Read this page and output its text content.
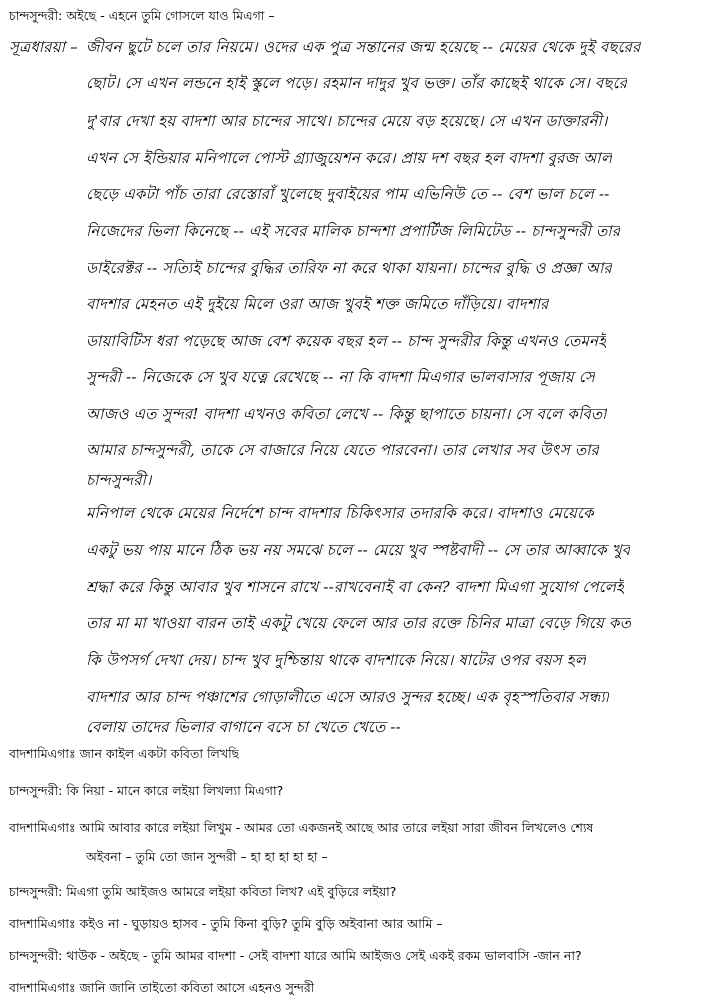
চান্দসুন্দরী: অইছে - এহনে তুমি গোসলে যাও মিএগা –
সূত্রধারয়া – জীবন ছুটে চলে তার নিয়মে। ওদের এক পুত্র সন্তানের জন্ম হয়েছে -- মেয়ের থেকে দুই বছরের
ছোট। সে এখন লন্ডনে হাই স্কুলে পড়ে। রহমান দাদুর খুব ভক্ত। তাঁর কাছেই থাকে সে। বছরে
দু'বার দেখা হয় বাদশা আর চান্দের সাথে। চান্দের মেয়ে বড় হয়েছে। সে এখন ডাক্তারনী।
এখন সে ইন্ডিয়ার মনিপালে পোস্ট গ্র্যাজুয়েশন করে। প্রায় দশ বছর হল বাদশা বুরজ আল
ছেড়ে একটা পাঁচ তারা রেস্তোরাঁ খুলেছে দুবাইয়ের পাম এভিনিউ তে -- বেশ ভাল চলে --
নিজেদের ভিলা কিনেছে -- এই সবের মালিক চান্দশা প্রপার্টিজ লিমিটেড -- চান্দসুন্দরী তার
ডাইরেক্টর -- সত্যিই চান্দের বুদ্ধির তারিফ না করে থাকা যায়না। চান্দের বুদ্ধি ও প্রজ্ঞা আর
বাদশার মেহনত এই দুইয়ে মিলে ওরা আজ খুবই শক্ত জমিতে দাঁড়িয়ে। বাদশার
ডায়াবিটিস ধরা পড়েছে আজ বেশ কয়েক বছর হল -- চান্দ সুন্দরীর কিন্তু এখনও তেমনই
সুন্দরী -- নিজেকে সে খুব যত্নে রেখেছে -- না কি বাদশা মিএগার ভালবাসার পূজায় সে
আজও এত সুন্দর! বাদশা এখনও কবিতা লেখে -- কিন্তু ছাপাতে চায়না। সে বলে কবিতা
আমার চান্দসুন্দরী, তাকে সে বাজারে নিয়ে যেতে পারবেনা। তার লেখার সব উৎস তার
চান্দসুন্দরী।
মনিপাল থেকে মেয়ের নির্দেশে চান্দ বাদশার চিকিৎসার তদারকি করে। বাদশাও মেয়েকে
একটু ভয় পায় মানে ঠিক ভয় নয় সমঝে চলে -- মেয়ে খুব স্পষ্টবাদী -- সে তার আব্বাকে খুব
শ্রদ্ধা করে কিন্তু আবার খুব শাসনে রাখে --রাখবেনাই বা কেন? বাদশা মিএগা সুযোগ পেলেই
তার মা মা খাওয়া বারন তাই একটু খেয়ে ফেলে আর তার রক্তে চিনির মাত্রা বেড়ে গিয়ে কত
কি উপসর্গ দেখা দেয়। চান্দ খুব দুশ্চিন্তায় থাকে বাদশাকে নিয়ে। ষাটের ওপর বয়স হল
বাদশার আর চান্দ পঞ্চাশের গোড়ালীতে এসে আরও সুন্দর হচ্ছে। এক বৃহস্পতিবার সন্ধ্যা
বেলায় তাদের ভিলার বাগানে বসে চা খেতে খেতে --
বাদশামিএগাঃ জান কাইল একটা কবিতা লিখছি
চান্দসুন্দরী: কি নিয়া - মানে কারে লইয়া লিখল্যা মিএগা?
বাদশামিএগাঃ আমি আবার কারে লইয়া লিখুম - আমর তো একজনই আছে আর তারে লইয়া সারা জীবন লিখলেও শ্যেষ
অইবনা – তুমি তো জান সুন্দরী – হা হা হা হা হা –
চান্দসুন্দরী: মিএগা তুমি আইজও আমরে লইয়া কবিতা লিখ? এই বুড়িরে লইয়া?
বাদশামিএগাঃ কইও না - ঘুড়ায়ও হাসব - তুমি কিনা বুড়ি? তুমি বুড়ি অইবানা আর আমি –
চান্দসুন্দরী: থাউক - অইছে - তুমি আমর বাদশা - সেই বাদশা যারে আমি আইজও সেই একই রকম ভালবাসি -জান না?
বাদশামিএগাঃ জানি জানি তাইতো কবিতা আসে এহনও সুন্দরী
